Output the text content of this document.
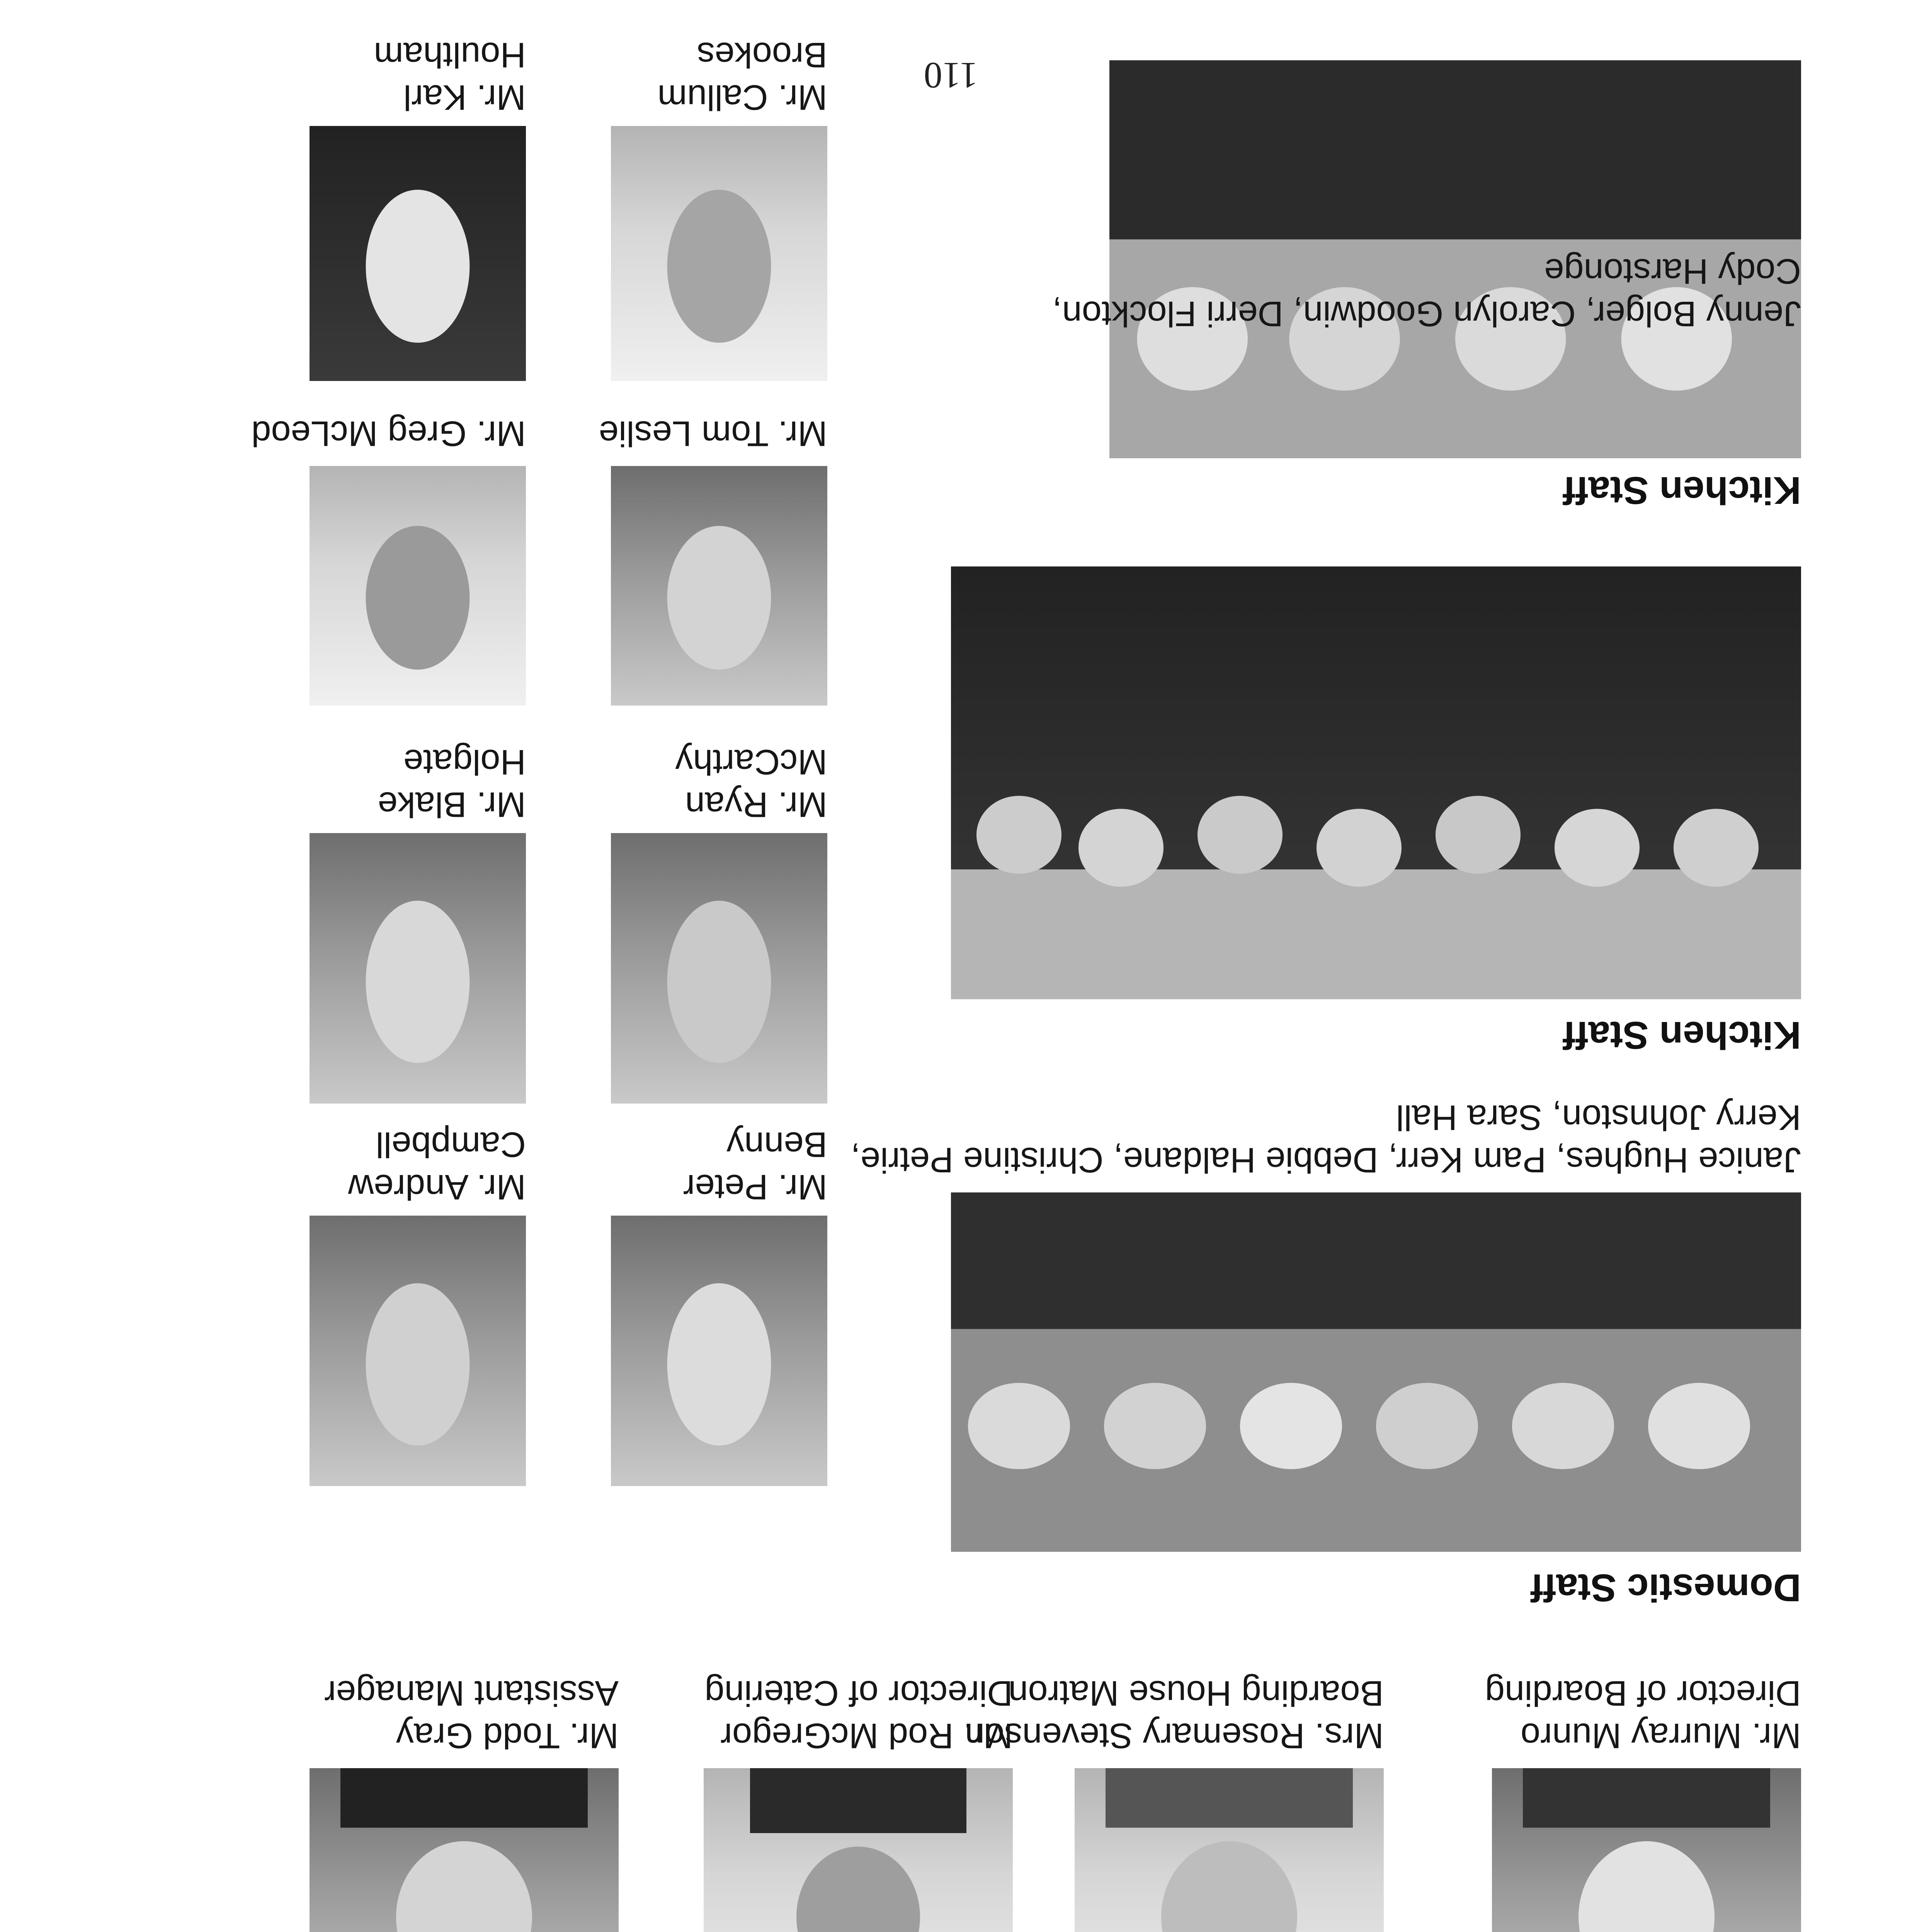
Mr. Murray Munro
Director of Boarding
Mrs. Rosemary Stevenson
Boarding House Matron
Mr. Rod McGregor
Director of Catering
Mr. Todd Gray
Assistant Manager
Domestic Staff
Janice Hughes, Pam Kerr, Debbie Haldane, Christine Petrie,
Kerry Johnston, Sara Hall
Kitchen Staff
Kitchen Staff
Jenny Bolger, Carolyn Goodwin, Derri Flockton,
Cody Harstonge
Mr. Peter
Benny
Mr. Andrew
Campbell
Mr. Ryan
McCarthy
Mr. Blake
Holgate
Mr. Tom Leslie
Mr. Greg McLeod
Mr. Callum
Brookes
Mr. Karl
Houltham	110
